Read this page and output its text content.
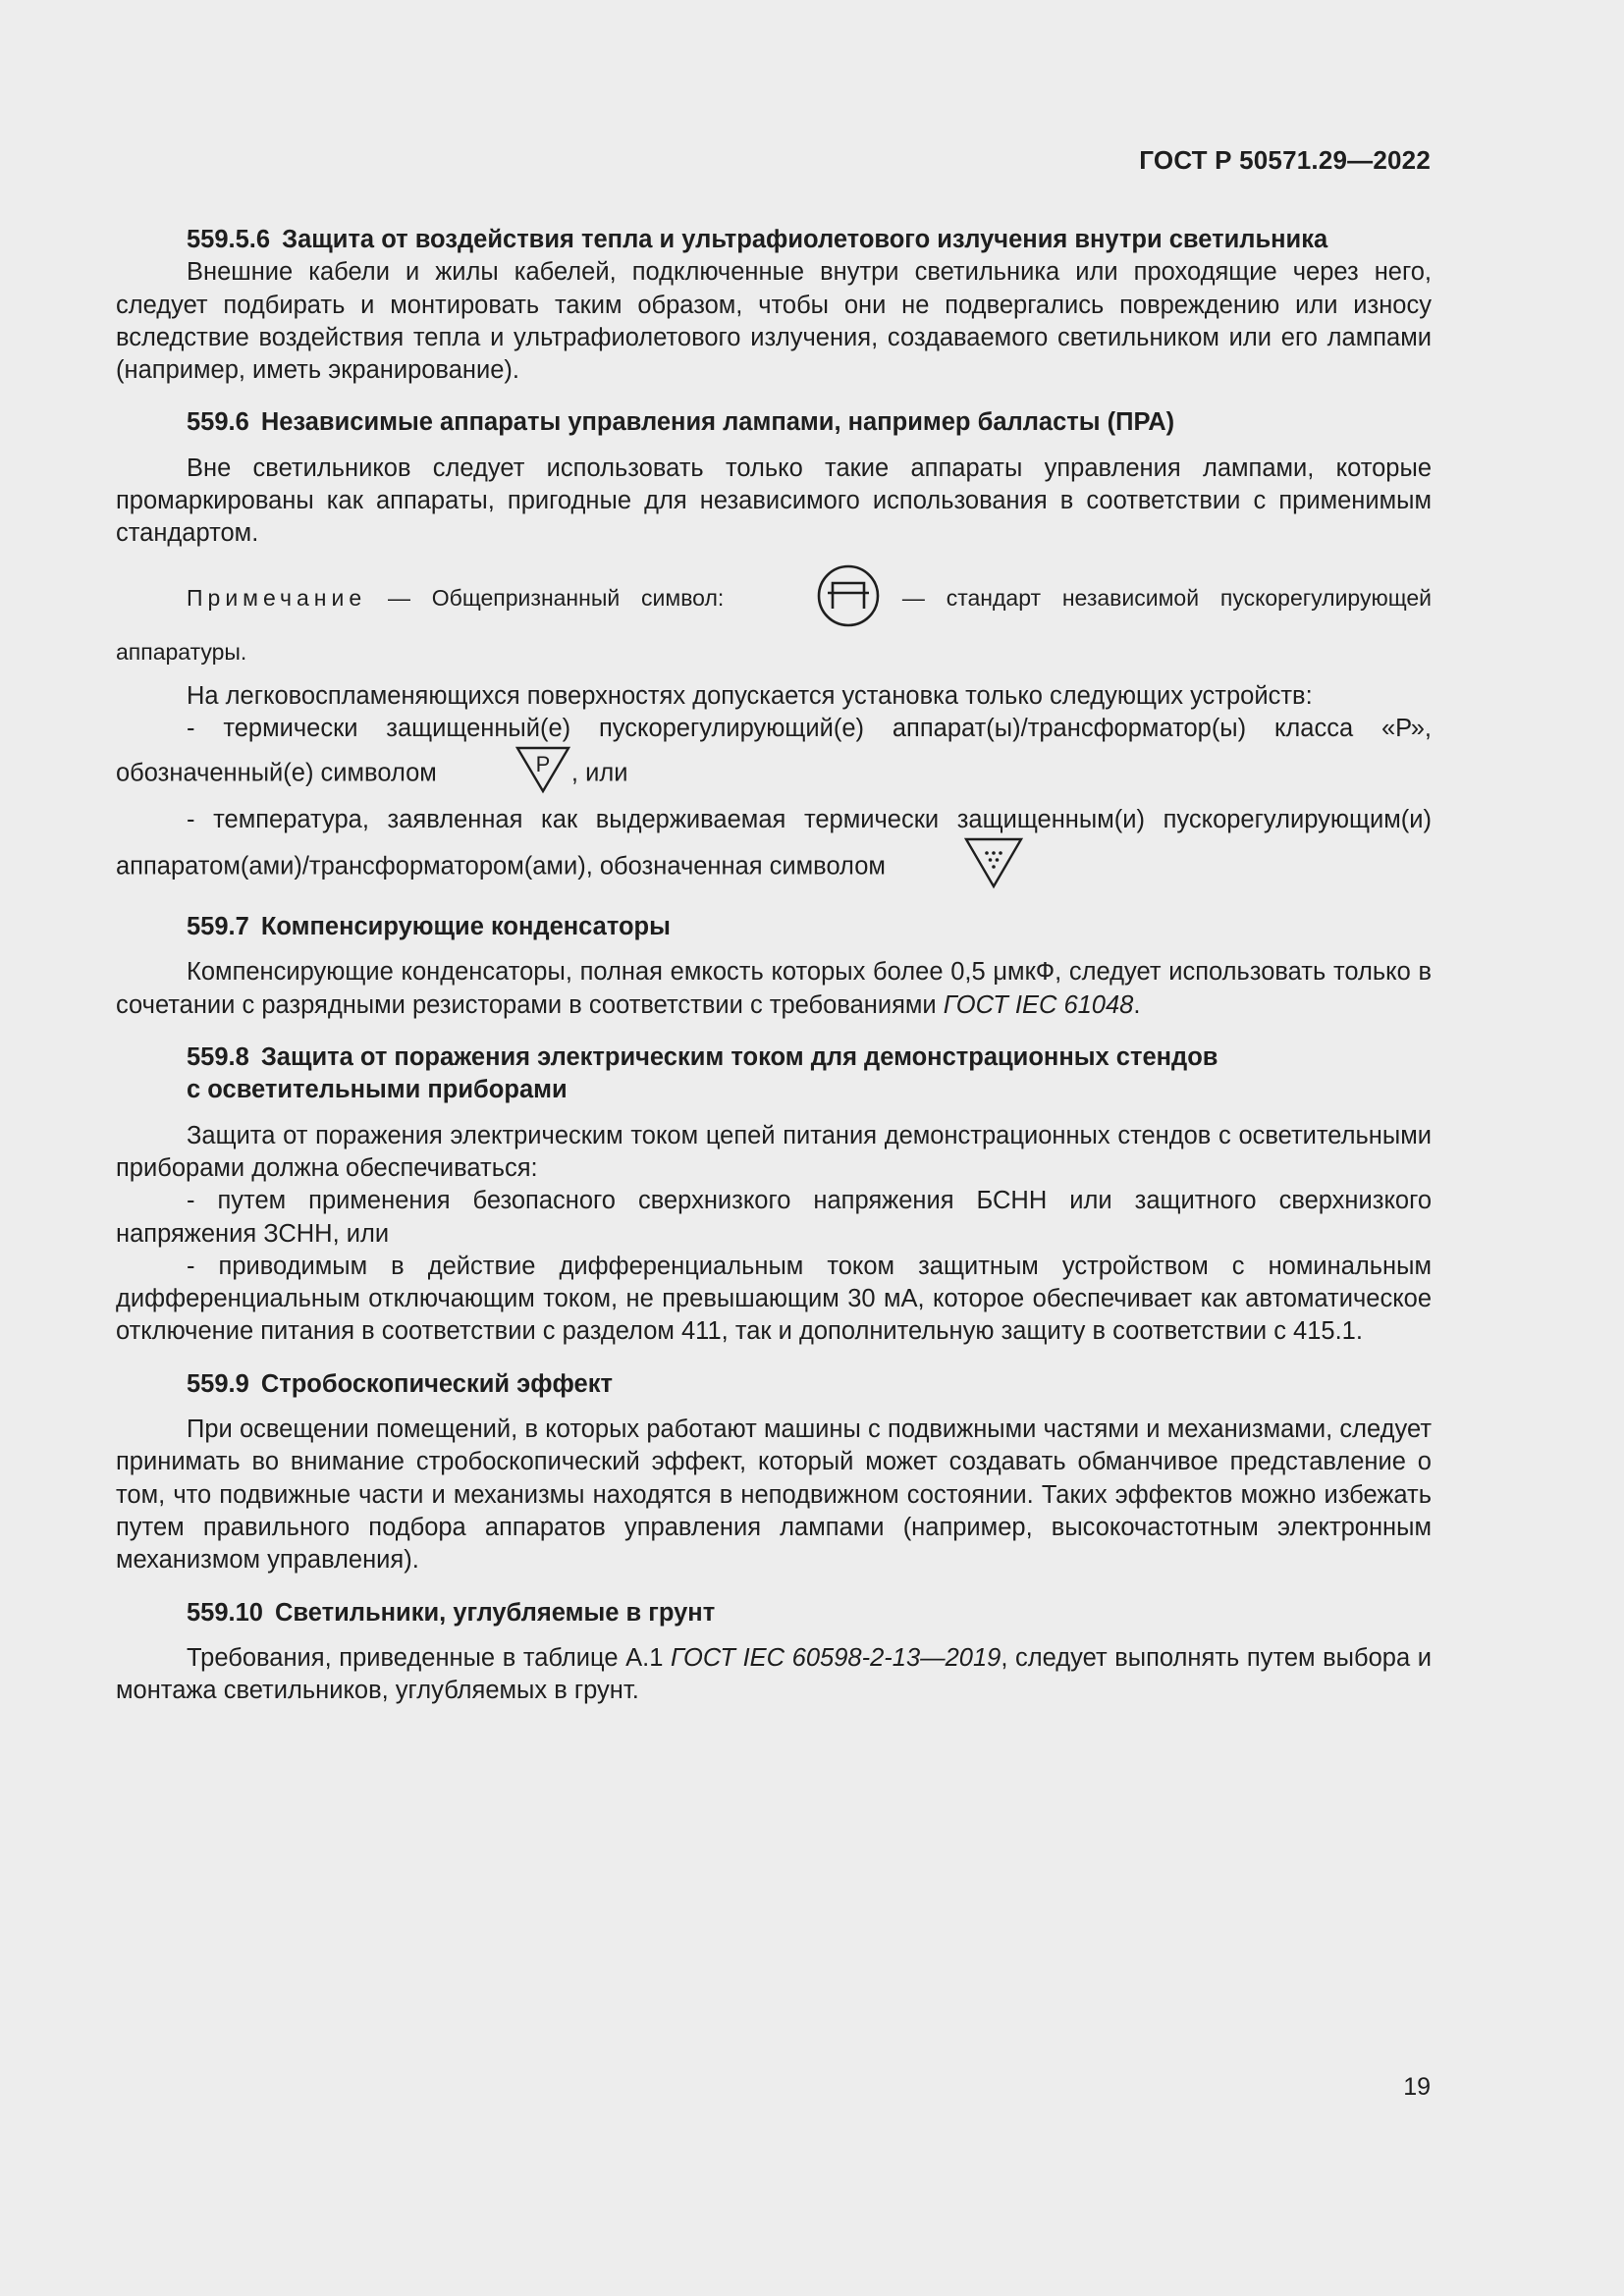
ГОСТ Р 50571.29—2022

559.5.6 Защита от воздействия тепла и ультрафиолетового излучения внутри светильника

Внешние кабели и жилы кабелей, подключенные внутри светильника или проходящие через него, следует подбирать и монтировать таким образом, чтобы они не подвергались повреждению или износу вследствие воздействия тепла и ультрафиолетового излучения, создаваемого светильником или его лампами (например, иметь экранирование).

559.6 Независимые аппараты управления лампами, например балласты (ПРА)

Вне светильников следует использовать только такие аппараты управления лампами, которые промаркированы как аппараты, пригодные для независимого использования в соответствии с применимым стандартом.

Примечание — Общепризнанный символ:	— стандарт независимой пускорегулирующей аппаратуры.

На легковоспламеняющихся поверхностях допускается установка только следующих устройств:

- термически защищенный(е) пускорегулирующий(е) аппарат(ы)/трансформатор(ы) класса «Р», обозначенный(е) символом	P , или

- температура, заявленная как выдерживаемая термически защищенным(и) пускорегулирующим(и) аппаратом(ами)/трансформатором(ами), обозначенная символом

559.7 Компенсирующие конденсаторы

Компенсирующие конденсаторы, полная емкость которых более 0,5 μмкФ, следует использовать только в сочетании с разрядными резисторами в соответствии с требованиями ГОСТ IEC 61048.

559.8 Защита от поражения электрическим током для демонстрационных стендов

с осветительными приборами

Защита от поражения электрическим током цепей питания демонстрационных стендов с осветительными приборами должна обеспечиваться:

- путем применения безопасного сверхнизкого напряжения БСНН или защитного сверхнизкого напряжения ЗСНН, или

- приводимым в действие дифференциальным током защитным устройством с номинальным дифференциальным отключающим током, не превышающим 30 мА, которое обеспечивает как автоматическое отключение питания в соответствии с разделом 411, так и дополнительную защиту в соответствии с 415.1.

559.9 Стробоскопический эффект

При освещении помещений, в которых работают машины с подвижными частями и механизмами, следует принимать во внимание стробоскопический эффект, который может создавать обманчивое представление о том, что подвижные части и механизмы находятся в неподвижном состоянии. Таких эффектов можно избежать путем правильного подбора аппаратов управления лампами (например, высокочастотным электронным механизмом управления).

559.10 Светильники, углубляемые в грунт

Требования, приведенные в таблице А.1 ГОСТ IEC 60598-2-13—2019, следует выполнять путем выбора и монтажа светильников, углубляемых в грунт.

19
